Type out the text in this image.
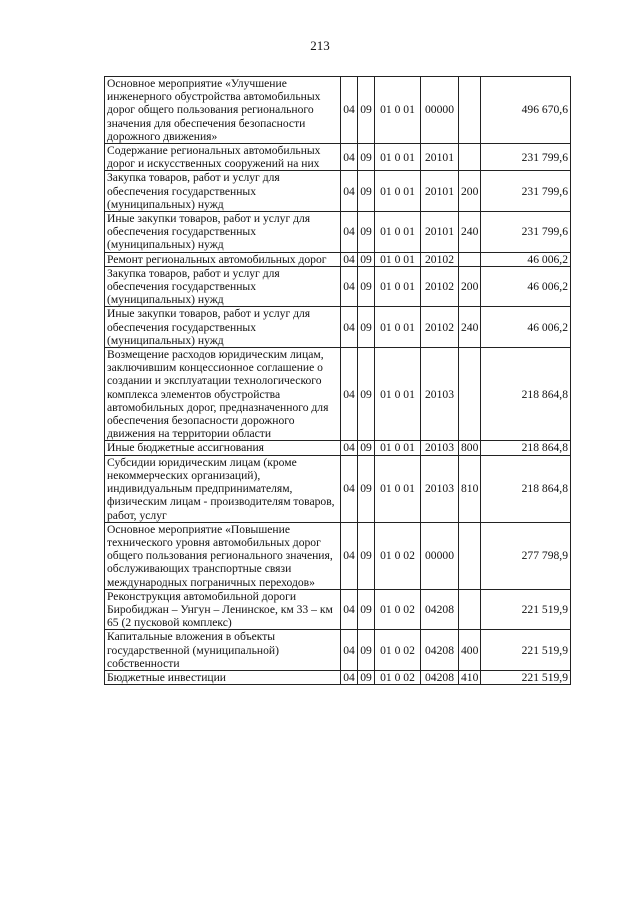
213
Основное мероприятие «Улучшение инженерного обустройства автомобильных дорог общего пользования регионального значения для обеспечения безопасности дорожного движения»	04	09	01 0 01	00000		496 670,6
Содержание региональных автомобильных дорог и искусственных сооружений на них	04	09	01 0 01	20101		231 799,6
Закупка товаров, работ и услуг для обеспечения государственных (муниципальных) нужд	04	09	01 0 01	20101	200	231 799,6
Иные закупки товаров, работ и услуг для обеспечения государственных (муниципальных) нужд	04	09	01 0 01	20101	240	231 799,6
Ремонт региональных автомобильных дорог	04	09	01 0 01	20102		46 006,2
Закупка товаров, работ и услуг для обеспечения государственных (муниципальных) нужд	04	09	01 0 01	20102	200	46 006,2
Иные закупки товаров, работ и услуг для обеспечения государственных (муниципальных) нужд	04	09	01 0 01	20102	240	46 006,2
Возмещение расходов юридическим лицам, заключившим концессионное соглашение о создании и эксплуатации технологического комплекса элементов обустройства автомобильных дорог, предназначенного для обеспечения безопасности дорожного движения на территории области	04	09	01 0 01	20103		218 864,8
Иные бюджетные ассигнования	04	09	01 0 01	20103	800	218 864,8
Субсидии юридическим лицам (кроме некоммерческих организаций), индивидуальным предпринимателям, физическим лицам - производителям товаров, работ, услуг	04	09	01 0 01	20103	810	218 864,8
Основное мероприятие «Повышение технического уровня автомобильных дорог общего пользования регионального значения, обслуживающих транспортные связи международных пограничных переходов»	04	09	01 0 02	00000		277 798,9
Реконструкция автомобильной дороги Биробиджан – Унгун – Ленинское, км 33 – км 65 (2 пусковой комплекс)	04	09	01 0 02	04208		221 519,9
Капитальные вложения в объекты государственной (муниципальной) собственности	04	09	01 0 02	04208	400	221 519,9
Бюджетные инвестиции	04	09	01 0 02	04208	410	221 519,9
